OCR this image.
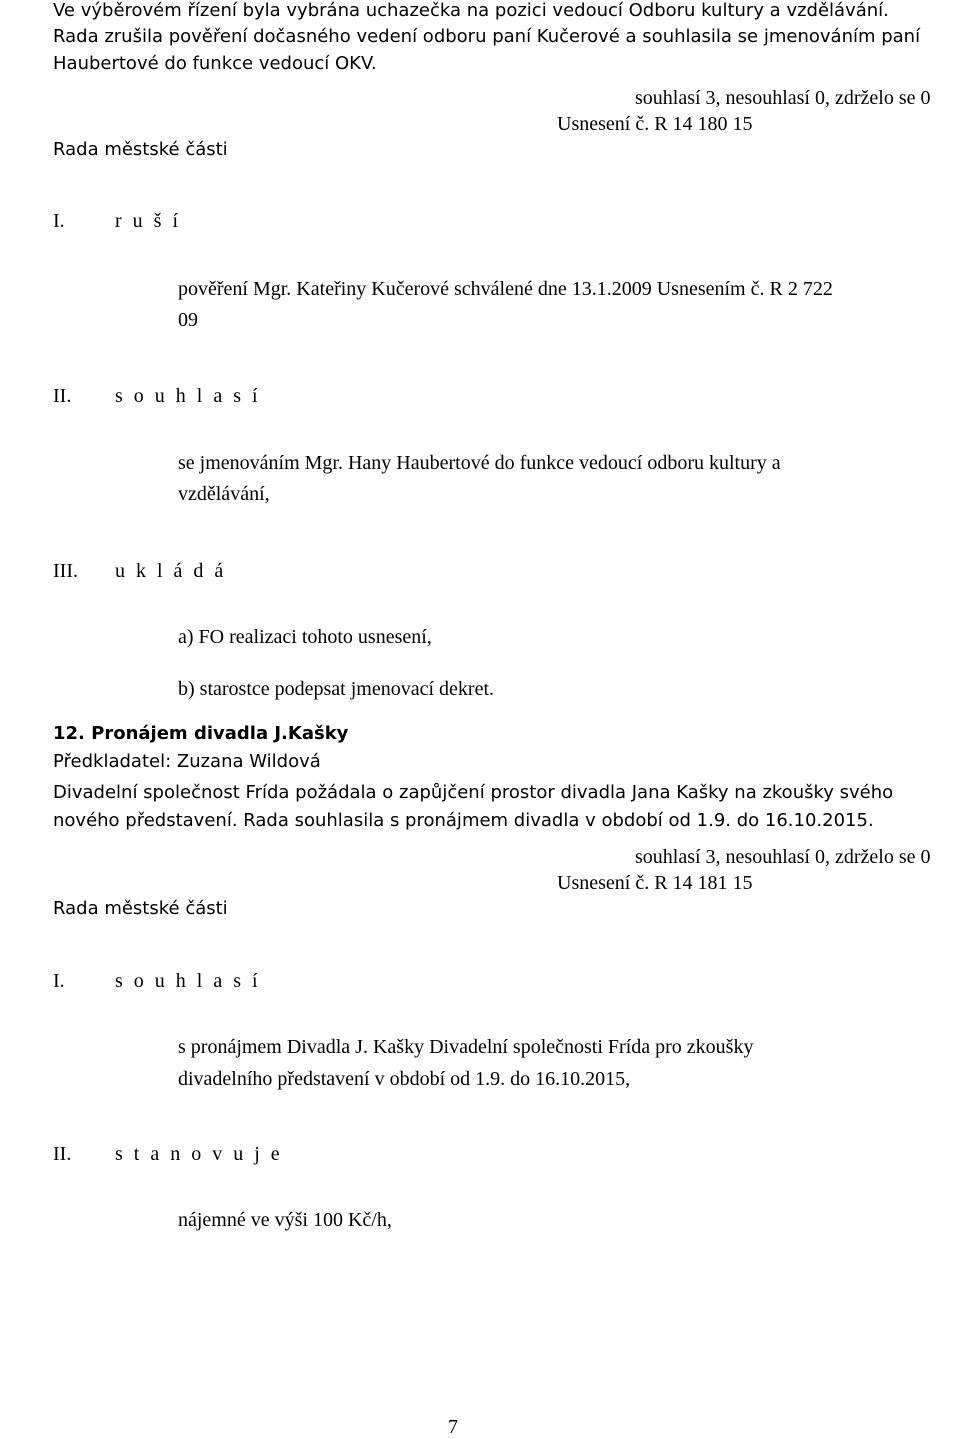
Ve výběrovém řízení byla vybrána uchazečka na pozici vedoucí Odboru kultury a vzdělávání.
Rada zrušila pověření dočasného vedení odboru paní Kučerové a souhlasila se jmenováním paní
Haubertové do funkce vedoucí OKV.
souhlasí 3, nesouhlasí 0, zdrželo se 0
Usnesení č. R 14 180 15
Rada městské části
I.	r u š í
pověření Mgr. Kateřiny Kučerové schválené dne 13.1.2009 Usnesením č. R 2 722
09
II. s o u h l a s í
se jmenováním Mgr. Hany Haubertové do funkce vedoucí odboru kultury a
vzdělávání,
III. u k l á d á
a) FO realizaci tohoto usnesení,
b) starostce podepsat jmenovací dekret.
12. Pronájem divadla J.Kašky
Předkladatel: Zuzana Wildová
Divadelní společnost Frída požádala o zapůjčení prostor divadla Jana Kašky na zkoušky svého
nového představení. Rada souhlasila s pronájmem divadla v období od 1.9. do 16.10.2015.
souhlasí 3, nesouhlasí 0, zdrželo se 0
Usnesení č. R 14 181 15
Rada městské části
I.	s o u h l a s í
s pronájmem Divadla J. Kašky Divadelní společnosti Frída pro zkoušky
divadelního představení v období od 1.9. do 16.10.2015,
II. s t a n o v u j e
nájemné ve výši 100 Kč/h,
7
